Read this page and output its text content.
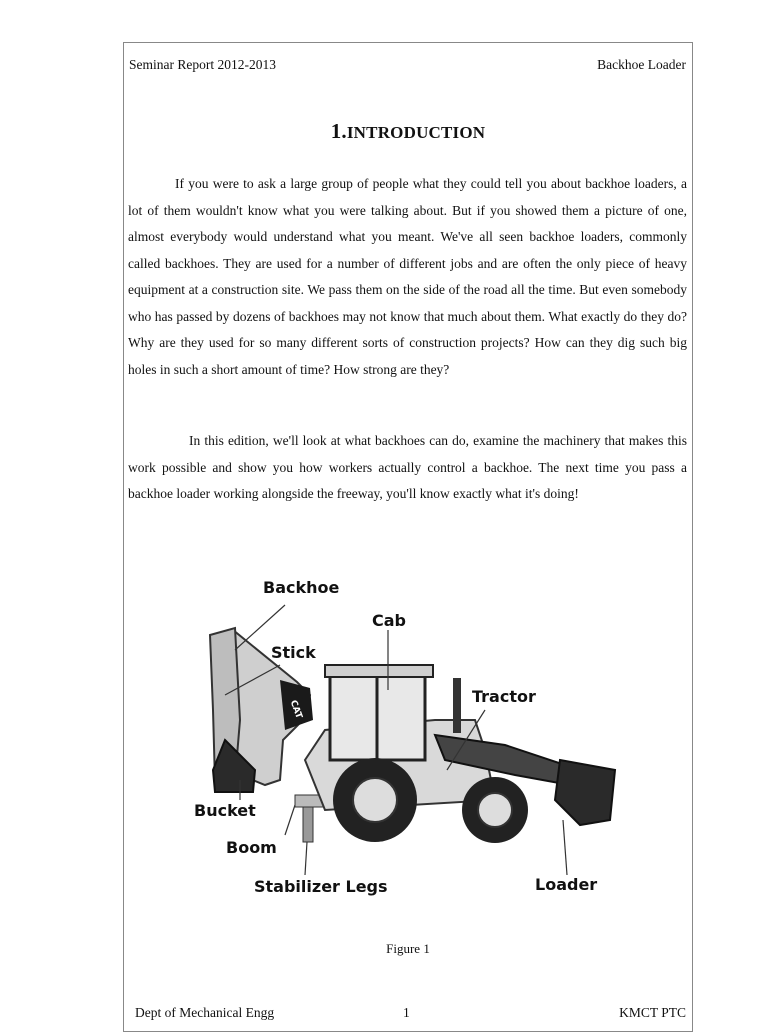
Seminar Report 2012-2013	Backhoe Loader
1.INTRODUCTION

If you were to ask a large group of people what they could tell you about backhoe loaders, a lot of them wouldn't know what you were talking about. But if you showed them a picture of one, almost everybody would understand what you meant. We've all seen backhoe loaders, commonly called backhoes. They are used for a number of different jobs and are often the only piece of heavy equipment at a construction site. We pass them on the side of the road all the time. But even somebody who has passed by dozens of backhoes may not know that much about them. What exactly do they do? Why are they used for so many different sorts of construction projects? How can they dig such big holes in such a short amount of time? How strong are they?

In this edition, we'll look at what backhoes can do, examine the machinery that makes this work possible and show you how workers actually control a backhoe. The next time you pass a backhoe loader working alongside the freeway, you'll know exactly what it's doing!

CAT
Backhoe
Cab
Stick
Tractor
Bucket
Boom
Stabilizer Legs	Loader
Figure 1
Dept of Mechanical Engg	1	KMCT PTC
